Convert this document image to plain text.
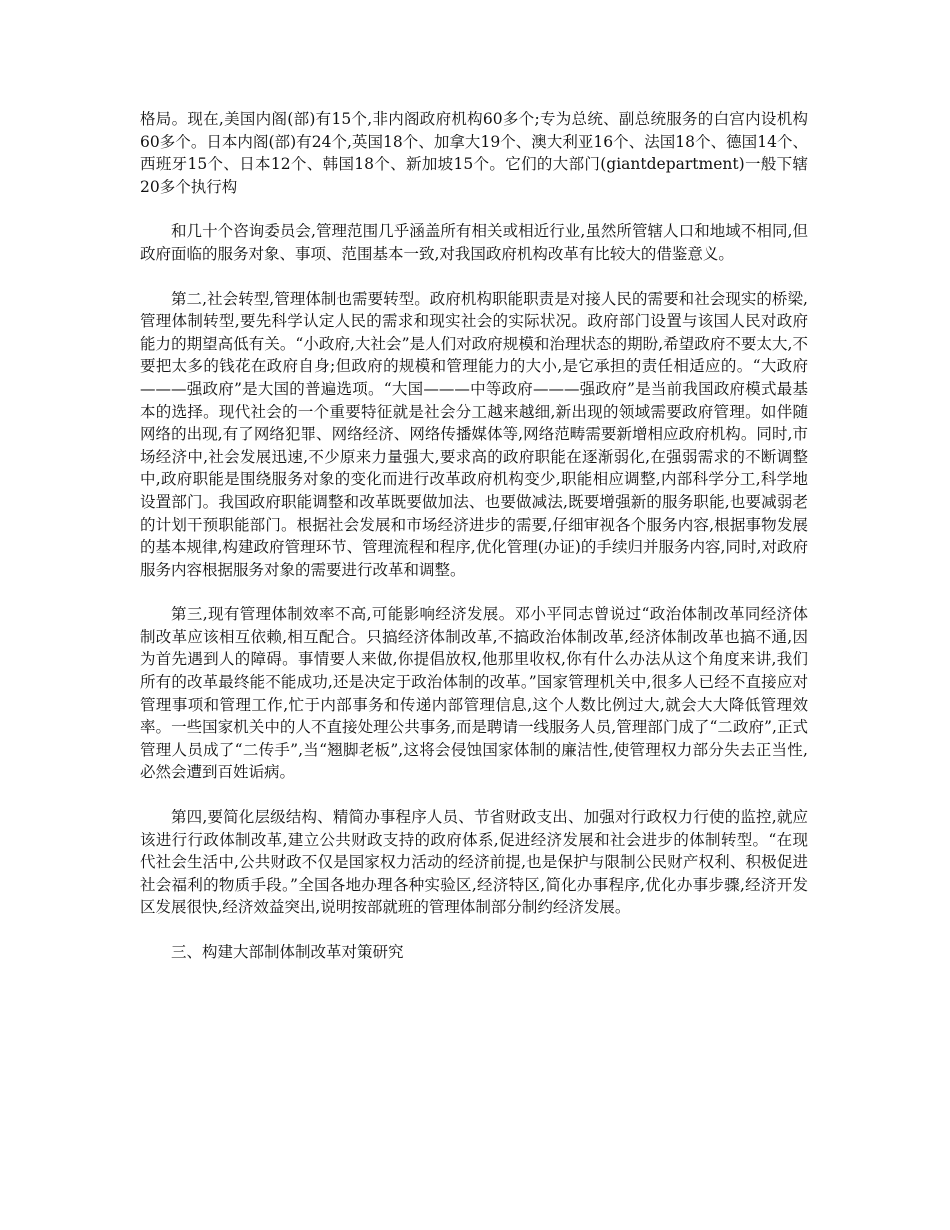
格局。现在,美国内阁(部)有15个,非内阁政府机构60多个;专为总统、副总统服务的白宫内设机构60多个。日本内阁(部)有24个,英国18个、加拿大19个、澳大利亚16个、法国18个、德国14个、西班牙15个、日本12个、韩国18个、新加坡15个。它们的大部门(giantdepartment)一般下辖20多个执行构

和几十个咨询委员会,管理范围几乎涵盖所有相关或相近行业,虽然所管辖人口和地域不相同,但政府面临的服务对象、事项、范围基本一致,对我国政府机构改革有比较大的借鉴意义。

第二,社会转型,管理体制也需要转型。政府机构职能职责是对接人民的需要和社会现实的桥梁,管理体制转型,要先科学认定人民的需求和现实社会的实际状况。政府部门设置与该国人民对政府能力的期望高低有关。“小政府,大社会”是人们对政府规模和治理状态的期盼,希望政府不要太大,不要把太多的钱花在政府自身;但政府的规模和管理能力的大小,是它承担的责任相适应的。“大政府———强政府”是大国的普遍选项。“大国———中等政府———强政府”是当前我国政府模式最基本的选择。现代社会的一个重要特征就是社会分工越来越细,新出现的领域需要政府管理。如伴随网络的出现,有了网络犯罪、网络经济、网络传播媒体等,网络范畴需要新增相应政府机构。同时,市场经济中,社会发展迅速,不少原来力量强大,要求高的政府职能在逐渐弱化,在强弱需求的不断调整中,政府职能是围绕服务对象的变化而进行改革政府机构变少,职能相应调整,内部科学分工,科学地设置部门。我国政府职能调整和改革既要做加法、也要做减法,既要增强新的服务职能,也要减弱老的计划干预职能部门。根据社会发展和市场经济进步的需要,仔细审视各个服务内容,根据事物发展的基本规律,构建政府管理环节、管理流程和程序,优化管理(办证)的手续归并服务内容,同时,对政府服务内容根据服务对象的需要进行改革和调整。

第三,现有管理体制效率不高,可能影响经济发展。邓小平同志曾说过“政治体制改革同经济体制改革应该相互依赖,相互配合。只搞经济体制改革,不搞政治体制改革,经济体制改革也搞不通,因为首先遇到人的障碍。事情要人来做,你提倡放权,他那里收权,你有什么办法从这个角度来讲,我们所有的改革最终能不能成功,还是决定于政治体制的改革。”国家管理机关中,很多人已经不直接应对管理事项和管理工作,忙于内部事务和传递内部管理信息,这个人数比例过大,就会大大降低管理效率。一些国家机关中的人不直接处理公共事务,而是聘请一线服务人员,管理部门成了“二政府”,正式管理人员成了“二传手”,当“翘脚老板”,这将会侵蚀国家体制的廉洁性,使管理权力部分失去正当性,必然会遭到百姓诟病。

第四,要简化层级结构、精简办事程序人员、节省财政支出、加强对行政权力行使的监控,就应该进行行政体制改革,建立公共财政支持的政府体系,促进经济发展和社会进步的体制转型。“在现代社会生活中,公共财政不仅是国家权力活动的经济前提,也是保护与限制公民财产权利、积极促进社会福利的物质手段。”全国各地办理各种实验区,经济特区,简化办事程序,优化办事步骤,经济开发区发展很快,经济效益突出,说明按部就班的管理体制部分制约经济发展。

三、构建大部制体制改革对策研究
